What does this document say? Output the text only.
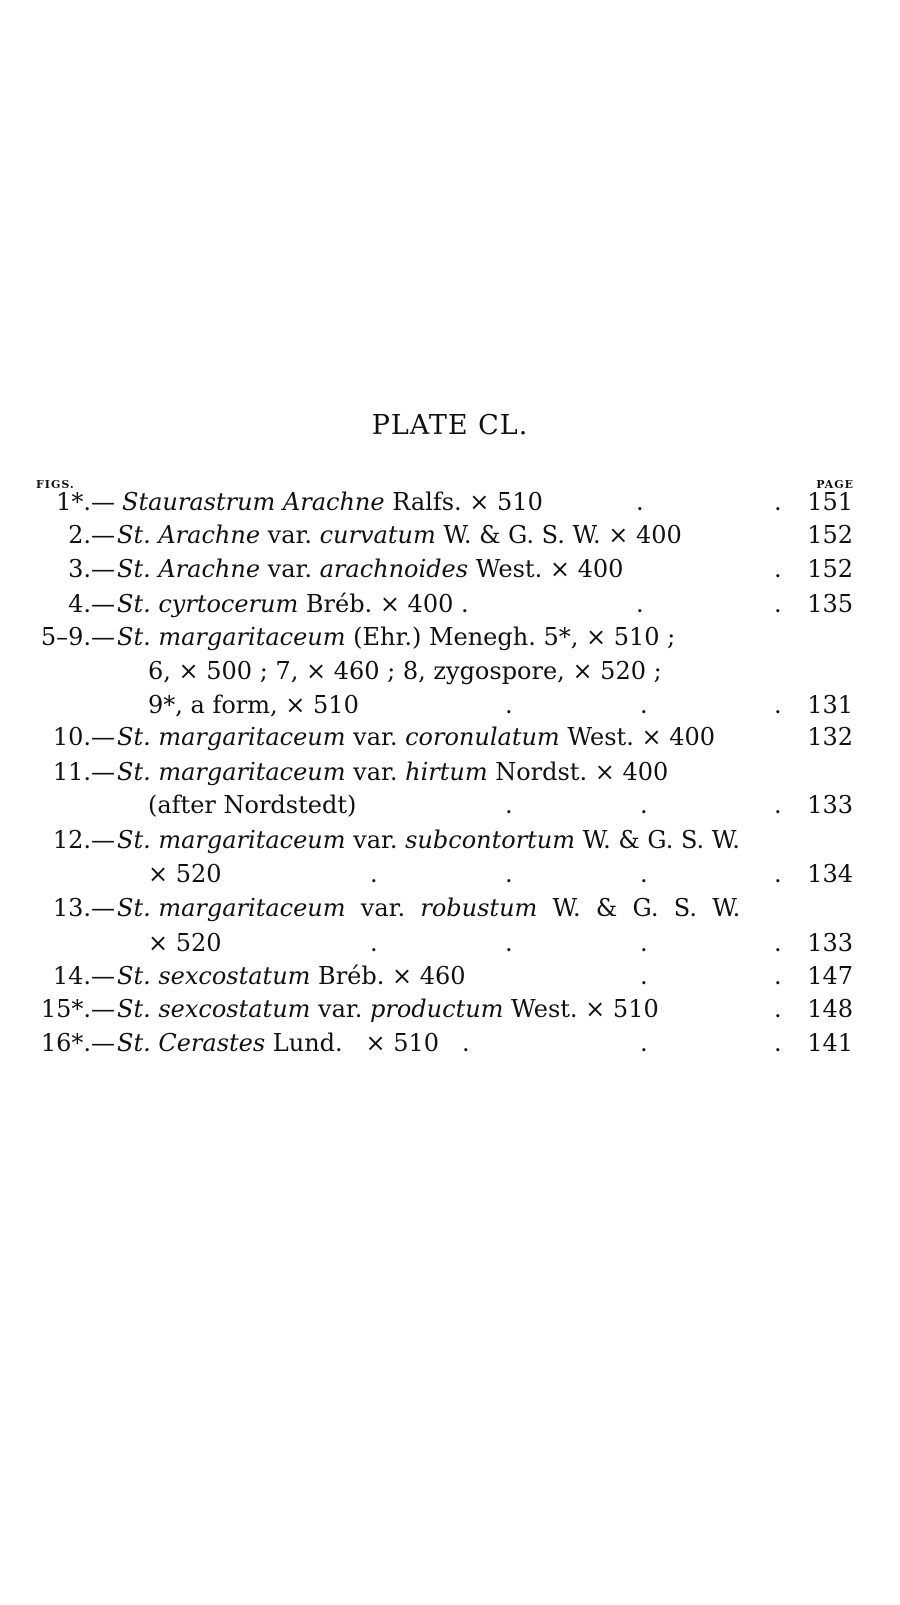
PLATE CL.
FIGS.	PAGE
1*.— Staurastrum Arachne Ralfs. × 510	.	. 151
2.— St. Arachne var. curvatum W. & G. S. W. × 400	152
3.— St. Arachne var. arachnoides West. × 400	. 152
4.— St. cyrtocerum Bréb. × 400 .	.	. 135
5–9.— St. margaritaceum (Ehr.) Menegh. 5*, × 510 ;
6, × 500 ; 7, × 460 ; 8, zygospore, × 520 ;
9*, a form, × 510	.	.	. 131
10.— St. margaritaceum var. coronulatum West. × 400	132
11.— St. margaritaceum var. hirtum Nordst. × 400
(after Nordstedt)	.	.	. 133
12.— St. margaritaceum var. subcontortum W. & G. S. W.
× 520	.	.	.	. 134
13.— St. margaritaceum  var.  robustum  W.  &  G.  S.  W.
× 520	.	.	.	. 133
14.— St. sexcostatum Bréb. × 460	.	. 147
15*.— St. sexcostatum var. productum West. × 510	. 148
16*.— St. Cerastes Lund.   × 510   .	.	. 141
